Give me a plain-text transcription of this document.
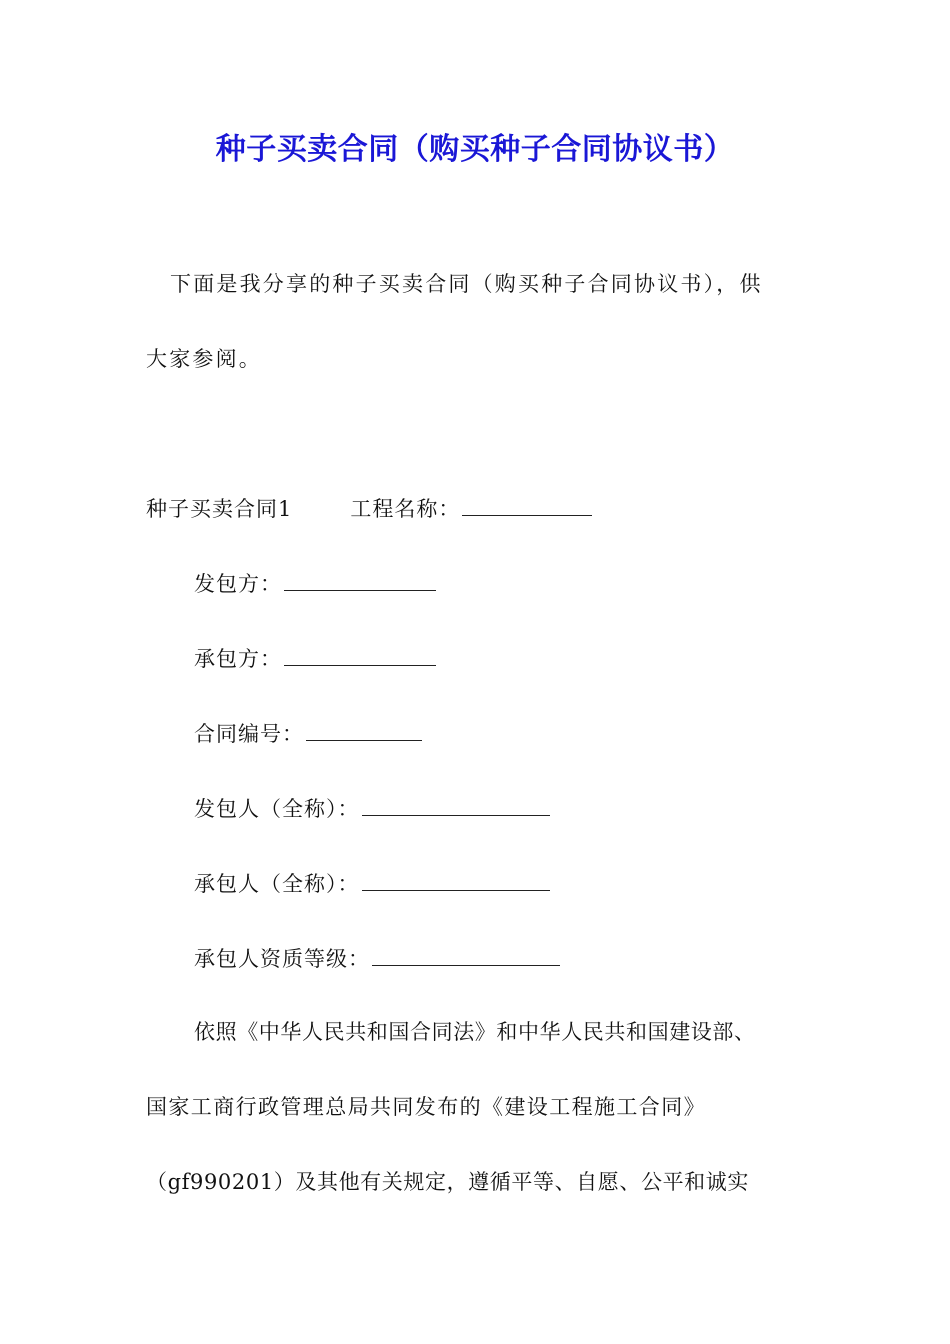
种子买卖合同（购买种子合同协议书）
下面是我分享的种子买卖合同（购买种子合同协议书），供
大家参阅。
种子买卖合同1	工程名称：
发包方：
承包方：
合同编号：
发包人（全称）：
承包人（全称）：
承包人资质等级：
依照《中华人民共和国合同法》和中华人民共和国建设部、
国家工商行政管理总局共同发布的《建设工程施工合同》
（gf990201）及其他有关规定，遵循平等、自愿、公平和诚实
